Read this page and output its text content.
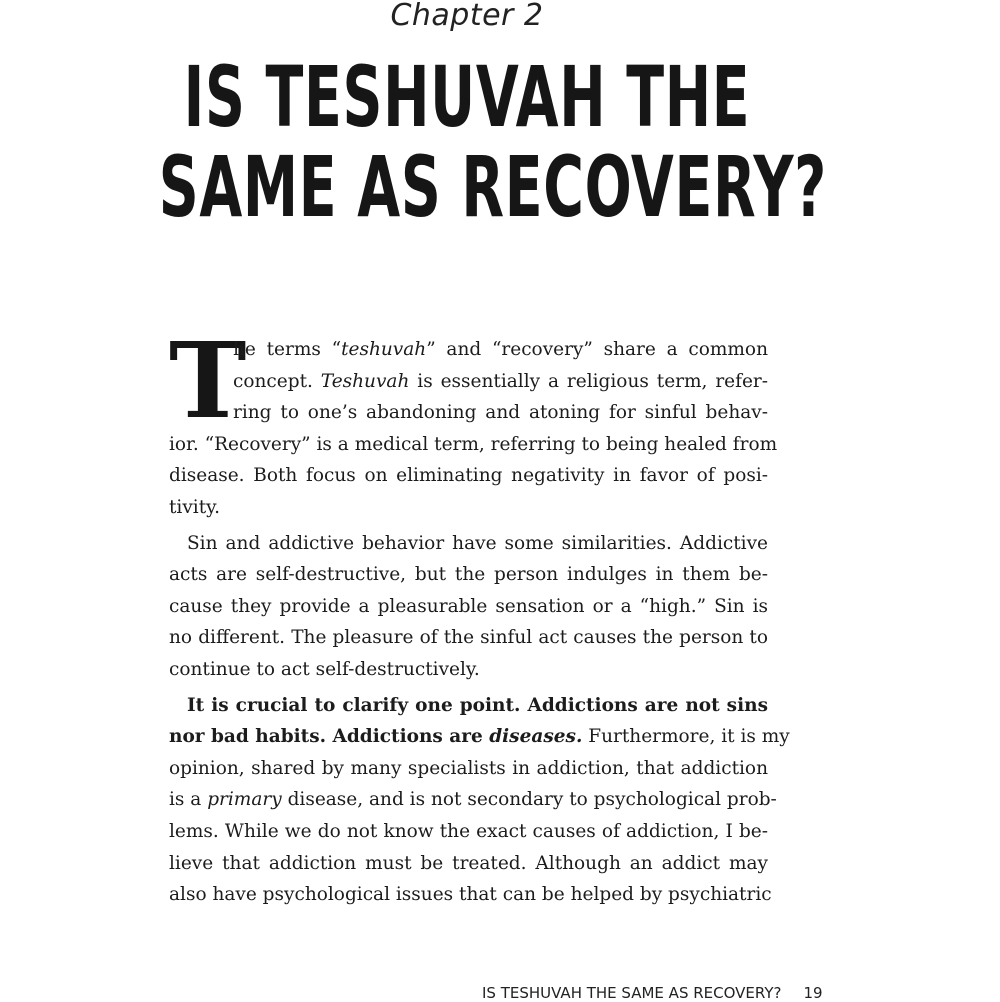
Chapter 2
IS TESHUVAH THE
SAME AS RECOVERY?
T
he terms “teshuvah” and “recovery” share a common
concept. Teshuvah is essentially a religious term, refer-
ring to one’s abandoning and atoning for sinful behav-
ior. “Recovery” is a medical term, referring to being healed from
disease. Both focus on eliminating negativity in favor of posi-
tivity.
Sin and addictive behavior have some similarities. Addictive
acts are self-destructive, but the person indulges in them be-
cause they provide a pleasurable sensation or a “high.” Sin is
no different. The pleasure of the sinful act causes the person to
continue to act self-destructively.
It is crucial to clarify one point. Addictions are not sins
nor bad habits. Addictions are diseases. Furthermore, it is my
opinion, shared by many specialists in addiction, that addiction
is a primary disease, and is not secondary to psychological prob-
lems. While we do not know the exact causes of addiction, I be-
lieve that addiction must be treated. Although an addict may
also have psychological issues that can be helped by psychiatric
IS TESHUVAH THE SAME AS RECOVERY? 19
